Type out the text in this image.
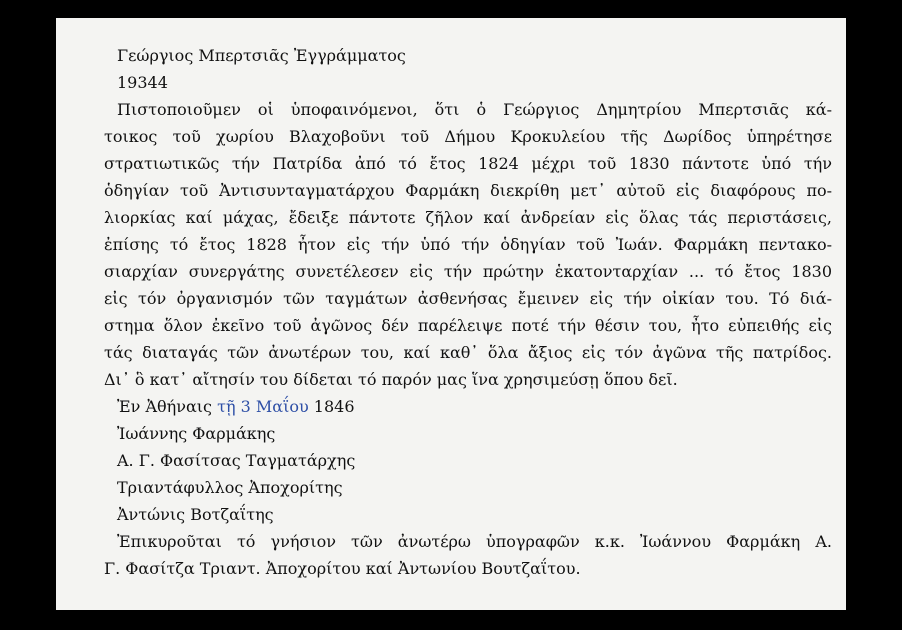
Γεώργιος Μπερτσιᾶς Ἐγγράμματος
19344
Πιστοποιοῦμεν οἱ ὑποφαινόμενοι, ὅτι ὁ Γεώργιος Δημητρίου Μπερτσιᾶς κά-
τοικος τοῦ χωρίου Βλαχοβοῦνι τοῦ Δήμου Κροκυλείου τῆς Δωρίδος ὑπηρέτησε
στρατιωτικῶς τήν Πατρίδα ἀπό τό ἔτος 1824 μέχρι τοῦ 1830 πάντοτε ὑπό τήν
ὁδηγίαν τοῦ Ἀντισυνταγματάρχου Φαρμάκη διεκρίθη μετ᾽ αὐτοῦ εἰς διαφόρους πο-
λιορκίας καί μάχας, ἔδειξε πάντοτε ζῆλον καί ἀνδρείαν εἰς ὅλας τάς περιστάσεις,
ἐπίσης τό ἔτος 1828 ἦτον εἰς τήν ὑπό τήν ὁδηγίαν τοῦ Ἰωάν. Φαρμάκη πεντακο-
σιαρχίαν συνεργάτης συνετέλεσεν εἰς τήν πρώτην ἑκατονταρχίαν ... τό ἔτος 1830
εἰς τόν ὀργανισμόν τῶν ταγμάτων ἀσθενήσας ἔμεινεν εἰς τήν οἰκίαν του. Τό διά-
στημα ὅλον ἐκεῖνο τοῦ ἀγῶνος δέν παρέλειψε ποτέ τήν θέσιν του, ἦτο εὐπειθής εἰς
τάς διαταγάς τῶν ἀνωτέρων του, καί καθ᾽ ὅλα ἄξιος εἰς τόν ἀγῶνα τῆς πατρίδος.
Δι᾽ ὃ κατ᾽ αἴτησίν του δίδεται τό παρόν μας ἵνα χρησιμεύσῃ ὅπου δεῖ.
Ἐν Ἀθήναις τῇ 3 Μαΐου 1846
Ἰωάννης Φαρμάκης
Α. Γ. Φασίτσας Ταγματάρχης
Τριαντάφυλλος Ἀποχορίτης
Ἀντώνις Βοτζαΐτης
Ἐπικυροῦται τό γνήσιον τῶν ἀνωτέρω ὑπογραφῶν κ.κ. Ἰωάννου Φαρμάκη Α.
Γ. Φασίτζα Τριαντ. Ἀποχορίτου καί Ἀντωνίου Βουτζαΐτου.
